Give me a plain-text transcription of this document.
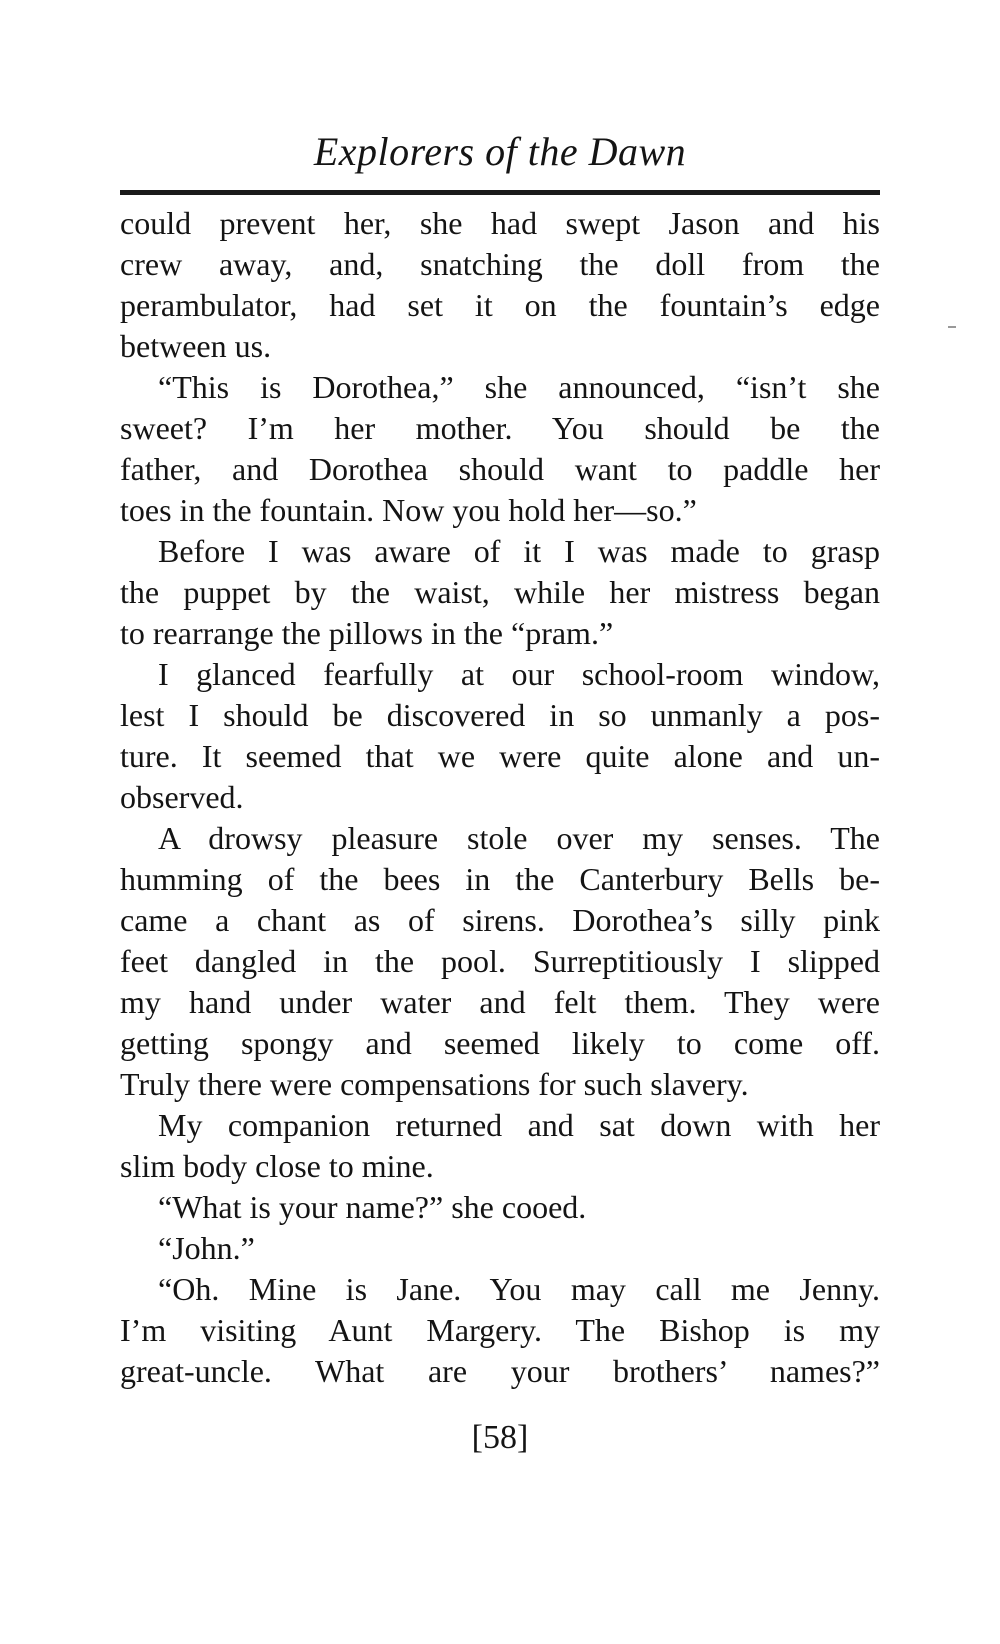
Explorers of the Dawn
could prevent her, she had swept Jason and his
crew away, and, snatching the doll from the
perambulator, had set it on the fountain’s edge
between us.
“This is Dorothea,” she announced, “isn’t she
sweet? I’m her mother. You should be the
father, and Dorothea should want to paddle her
toes in the fountain. Now you hold her—so.”
Before I was aware of it I was made to grasp
the puppet by the waist, while her mistress began
to rearrange the pillows in the “pram.”
I glanced fearfully at our school-room window,
lest I should be discovered in so unmanly a pos-
ture. It seemed that we were quite alone and un-
observed.
A drowsy pleasure stole over my senses. The
humming of the bees in the Canterbury Bells be-
came a chant as of sirens. Dorothea’s silly pink
feet dangled in the pool. Surreptitiously I slipped
my hand under water and felt them. They were
getting spongy and seemed likely to come off.
Truly there were compensations for such slavery.
My companion returned and sat down with her
slim body close to mine.
“What is your name?” she cooed.
“John.”
“Oh. Mine is Jane. You may call me Jenny.
I’m visiting Aunt Margery. The Bishop is my
great-uncle. What are your brothers’ names?”
[58]
